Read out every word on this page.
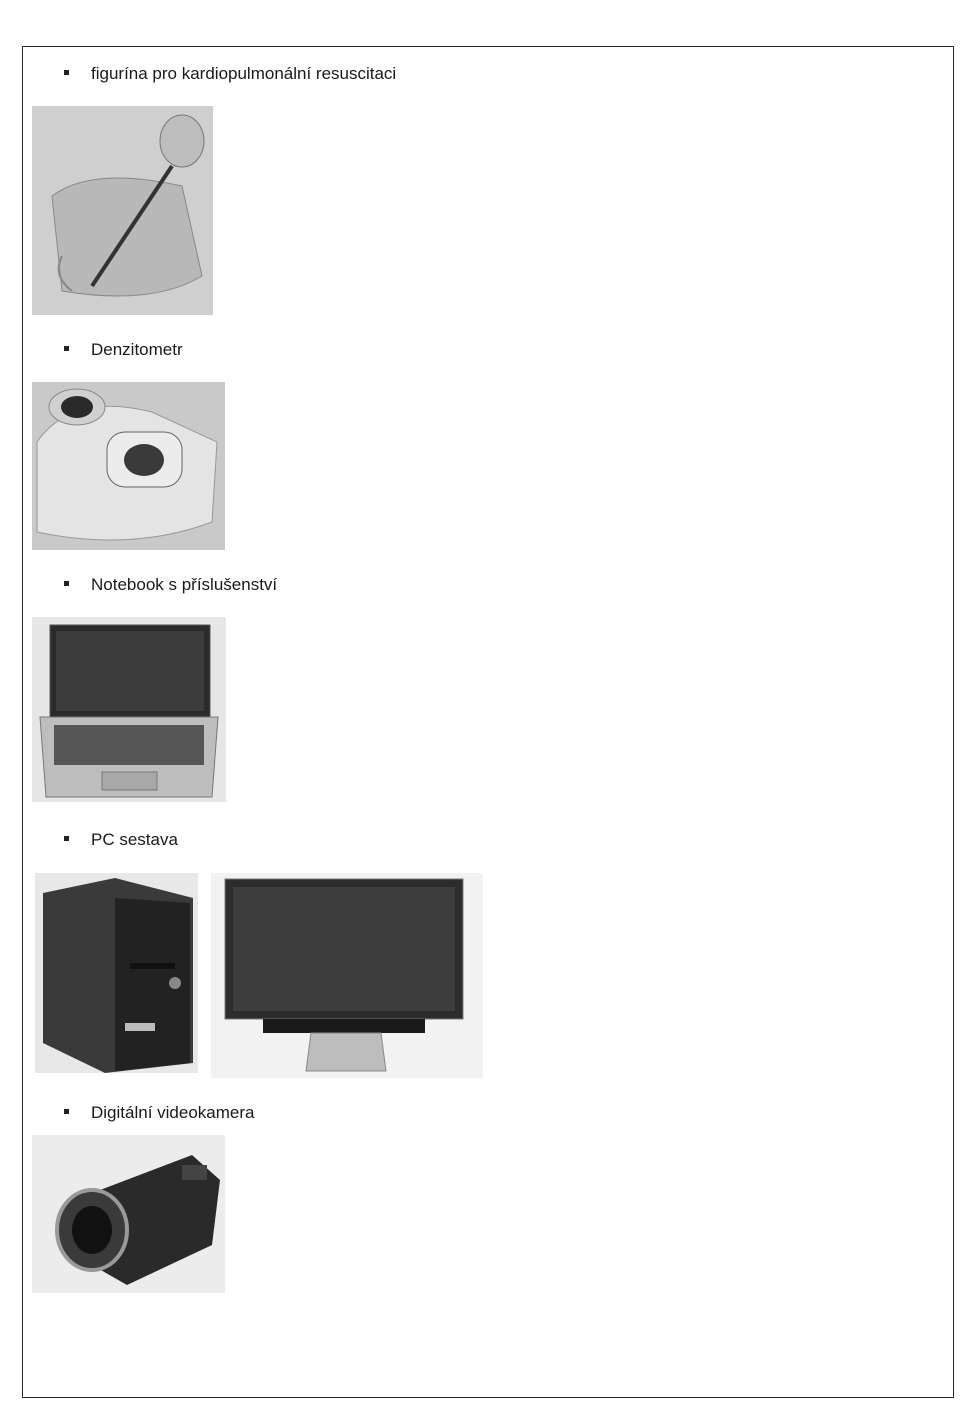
figurína pro kardiopulmonální resuscitaci
Denzitometr
Notebook s příslušenství
PC sestava
Digitální videokamera
